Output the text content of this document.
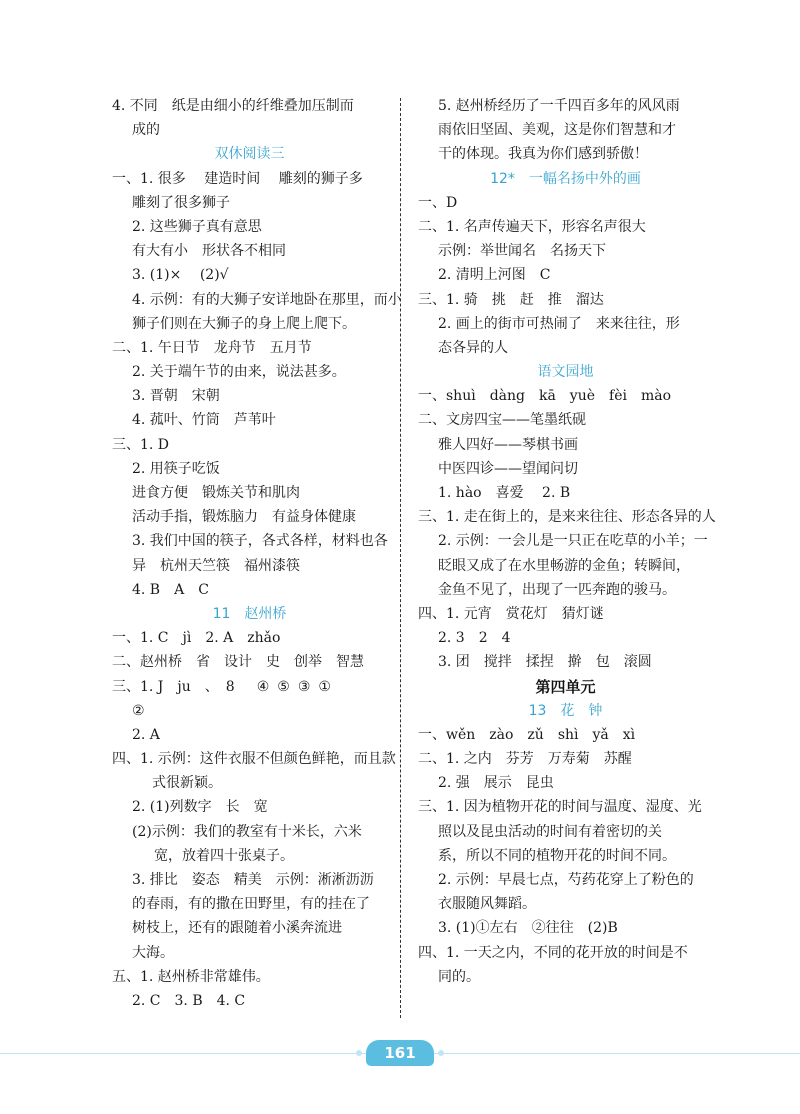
4. 不同　纸是由细小的纤维叠加压制而
成的
双休阅读三
一、1. 很多　 建造时间　 雕刻的狮子多
雕刻了很多狮子
2. 这些狮子真有意思
有大有小　形状各不相同
3. (1)×　 (2)√
4. 示例：有的大狮子安详地卧在那里，而小
狮子们则在大狮子的身上爬上爬下。
二、1. 午日节　龙舟节　五月节
2. 关于端午节的由来，说法甚多。
3. 晋朝　宋朝
4. 菰叶、竹筒　芦苇叶
三、1. D
2. 用筷子吃饭
进食方便　锻炼关节和肌肉
活动手指，锻炼脑力　有益身体健康
3. 我们中国的筷子，各式各样，材料也各
异　杭州天竺筷　福州漆筷
4. B　A　C
11　赵州桥
一、1. C　jì　2. A　zhǎo
二、赵州桥　省　设计　史　创举　智慧
三、1. J　ju　、　8 ④ ⑤ ③ ①
②
2. A
四、1. 示例：这件衣服不但颜色鲜艳，而且款
式很新颖。
2. (1)列数字　长　宽
(2)示例：我们的教室有十米长，六米
宽，放着四十张桌子。
3. 排比　姿态　精美　示例：淅淅沥沥
的春雨，有的撒在田野里，有的挂在了
树枝上，还有的跟随着小溪奔流进
大海。
五、1. 赵州桥非常雄伟。
2. C　3. B　4. C
5. 赵州桥经历了一千四百多年的风风雨
雨依旧坚固、美观，这是你们智慧和才
干的体现。我真为你们感到骄傲！
12*　一幅名扬中外的画
一、D
二、1. 名声传遍天下，形容名声很大
示例：举世闻名　名扬天下
2. 清明上河图　C
三、1. 骑　挑　赶　推　溜达
2. 画上的街市可热闹了　来来往往，形
态各异的人
语文园地
一、shuì　dàng　kā　yuè　fèi　mào
二、文房四宝——笔墨纸砚
雅人四好——琴棋书画
中医四诊——望闻问切
1. hào　喜爱　 2. B
三、1. 走在街上的，是来来往往、形态各异的人
2. 示例：一会儿是一只正在吃草的小羊；一
眨眼又成了在水里畅游的金鱼；转瞬间，
金鱼不见了，出现了一匹奔跑的骏马。
四、1. 元宵　赏花灯　猜灯谜
2. 3　2　4
3. 团　搅拌　揉捏　擀　包　滚圆
第四单元
13　花　钟
一、wěn　zào　zǔ　shì　yǎ　xì
二、1. 之内　芬芳　万寿菊　苏醒
2. 强　展示　昆虫
三、1. 因为植物开花的时间与温度、湿度、光
照以及昆虫活动的时间有着密切的关
系，所以不同的植物开花的时间不同。
2. 示例：早晨七点，芍药花穿上了粉色的
衣服随风舞蹈。
3. (1)①左右　②往往　(2)B
四、1. 一天之内，不同的花开放的时间是不
同的。
161
